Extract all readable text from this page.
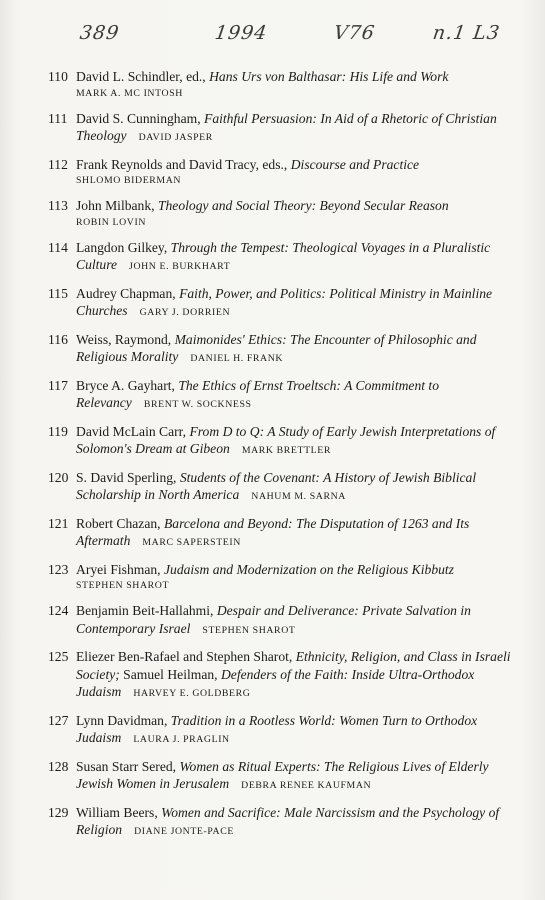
389	1994	V76	n.1 L3
110 David L. Schindler, ed., Hans Urs von Balthasar: His Life and Work
MARK A. MC INTOSH
111 David S. Cunningham, Faithful Persuasion: In Aid of a Rhetoric of Christian Theology DAVID JASPER
112 Frank Reynolds and David Tracy, eds., Discourse and Practice
SHLOMO BIDERMAN
113 John Milbank, Theology and Social Theory: Beyond Secular Reason
ROBIN LOVIN
114 Langdon Gilkey, Through the Tempest: Theological Voyages in a Pluralistic Culture JOHN E. BURKHART
115 Audrey Chapman, Faith, Power, and Politics: Political Ministry in Mainline Churches GARY J. DORRIEN
116 Weiss, Raymond, Maimonides' Ethics: The Encounter of Philosophic and Religious Morality DANIEL H. FRANK
117 Bryce A. Gayhart, The Ethics of Ernst Troeltsch: A Commitment to Relevancy BRENT W. SOCKNESS
119 David McLain Carr, From D to Q: A Study of Early Jewish Interpretations of Solomon's Dream at Gibeon MARK BRETTLER
120 S. David Sperling, Students of the Covenant: A History of Jewish Biblical Scholarship in North America NAHUM M. SARNA
121 Robert Chazan, Barcelona and Beyond: The Disputation of 1263 and Its Aftermath MARC SAPERSTEIN
123 Aryei Fishman, Judaism and Modernization on the Religious Kibbutz
STEPHEN SHAROT
124 Benjamin Beit-Hallahmi, Despair and Deliverance: Private Salvation in Contemporary Israel STEPHEN SHAROT
125 Eliezer Ben-Rafael and Stephen Sharot, Ethnicity, Religion, and Class in Israeli Society; Samuel Heilman, Defenders of the Faith: Inside Ultra-Orthodox Judaism HARVEY E. GOLDBERG
127 Lynn Davidman, Tradition in a Rootless World: Women Turn to Orthodox Judaism LAURA J. PRAGLIN
128 Susan Starr Sered, Women as Ritual Experts: The Religious Lives of Elderly Jewish Women in Jerusalem DEBRA RENEE KAUFMAN
129 William Beers, Women and Sacrifice: Male Narcissism and the Psychology of Religion DIANE JONTE-PACE
